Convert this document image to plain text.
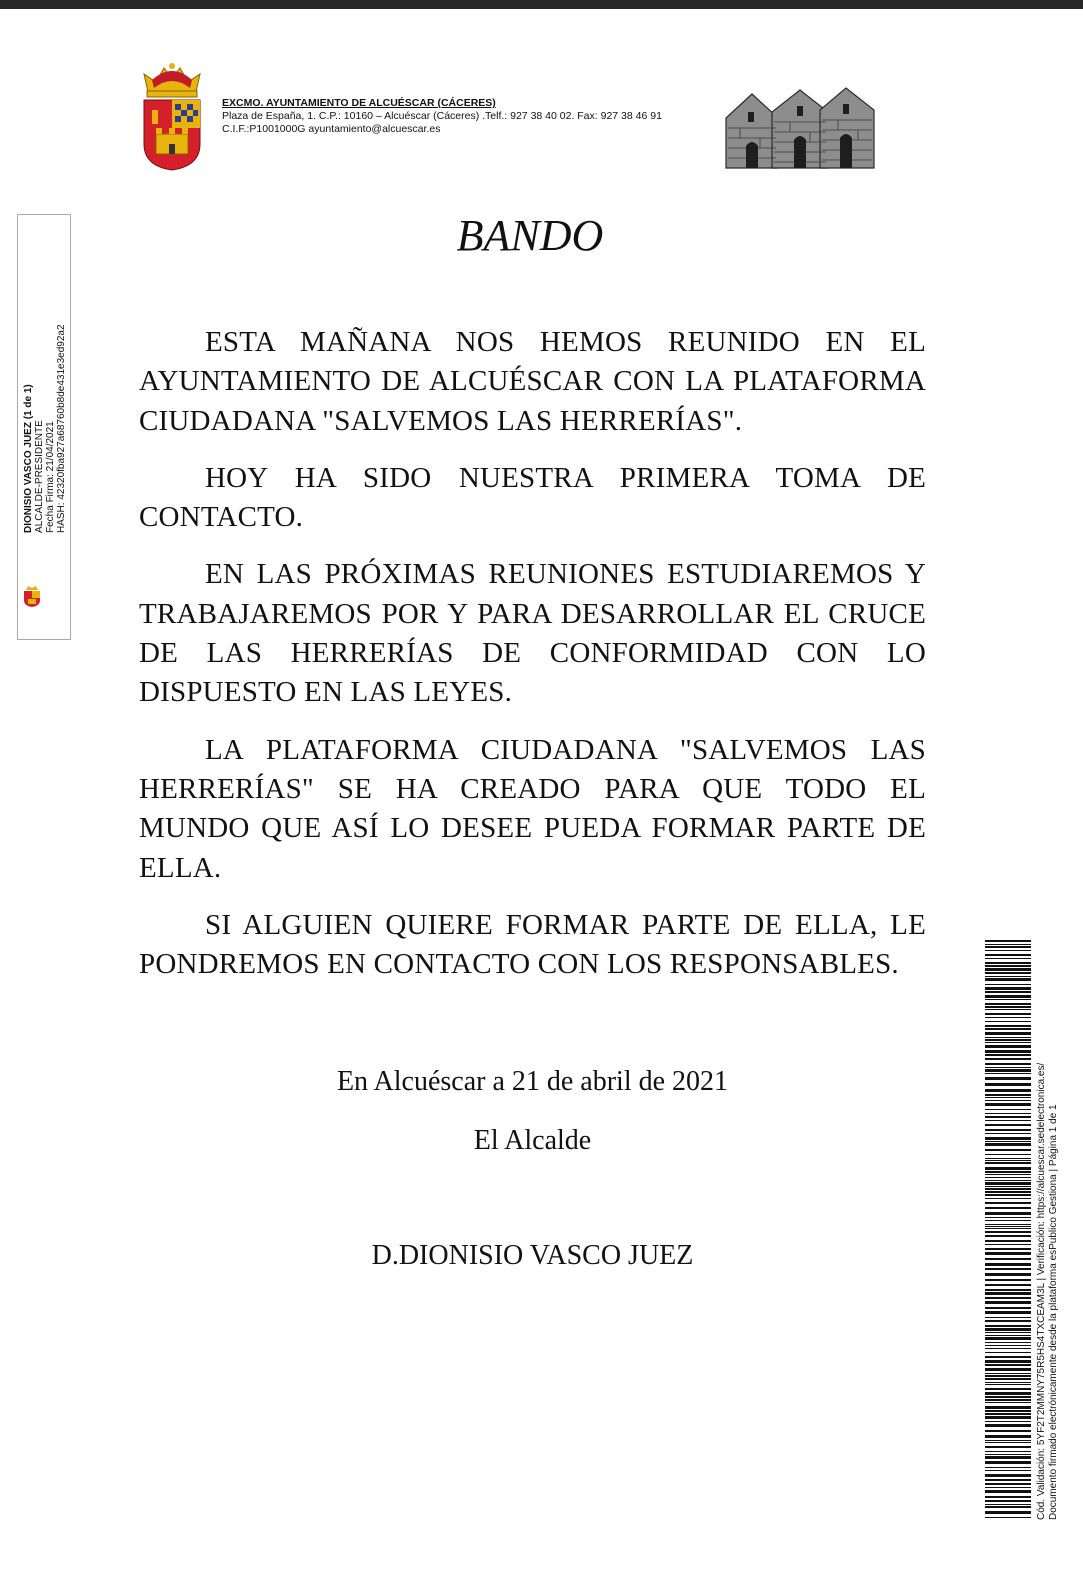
EXCMO. AYUNTAMIENTO DE ALCUÉSCAR (CÁCERES)
Plaza de España, 1. C.P.: 10160 – Alcuéscar (Cáceres) .Telf.: 927 38 40 02. Fax: 927 38 46 91
C.I.F.:P1001000G ayuntamiento@alcuescar.es
DIONISIO VASCO JUEZ (1 de 1) ALCALDE-PRESIDENTE Fecha Firma: 21/04/2021 HASH: 42320fba927a68760b8de431e3ed92a2
BANDO

ESTA MAÑANA NOS HEMOS REUNIDO EN EL AYUNTAMIENTO DE ALCUÉSCAR CON LA PLATAFORMA CIUDADANA "SALVEMOS LAS HERRERÍAS".

HOY HA SIDO NUESTRA PRIMERA TOMA DE CONTACTO.

EN LAS PRÓXIMAS REUNIONES ESTUDIAREMOS Y TRABAJAREMOS POR Y PARA DESARROLLAR EL CRUCE DE LAS HERRERÍAS DE CONFORMIDAD CON LO DISPUESTO EN LAS LEYES.

LA PLATAFORMA CIUDADANA "SALVEMOS LAS HERRERÍAS" SE HA CREADO PARA QUE TODO EL MUNDO QUE ASÍ LO DESEE PUEDA FORMAR PARTE DE ELLA.

SI ALGUIEN QUIERE FORMAR PARTE DE ELLA, LE PONDREMOS EN CONTACTO CON LOS RESPONSABLES.

En Alcuéscar a 21 de abril de 2021
El Alcalde
D.DIONISIO VASCO JUEZ	Cód. Validación: 5YF2T2MMNY75R5HS4TXCEAM3L | Verificación: https://alcuescar.sedelectronica.es/ Documento firmado electrónicamente desde la plataforma esPublico Gestiona | Página 1 de 1
